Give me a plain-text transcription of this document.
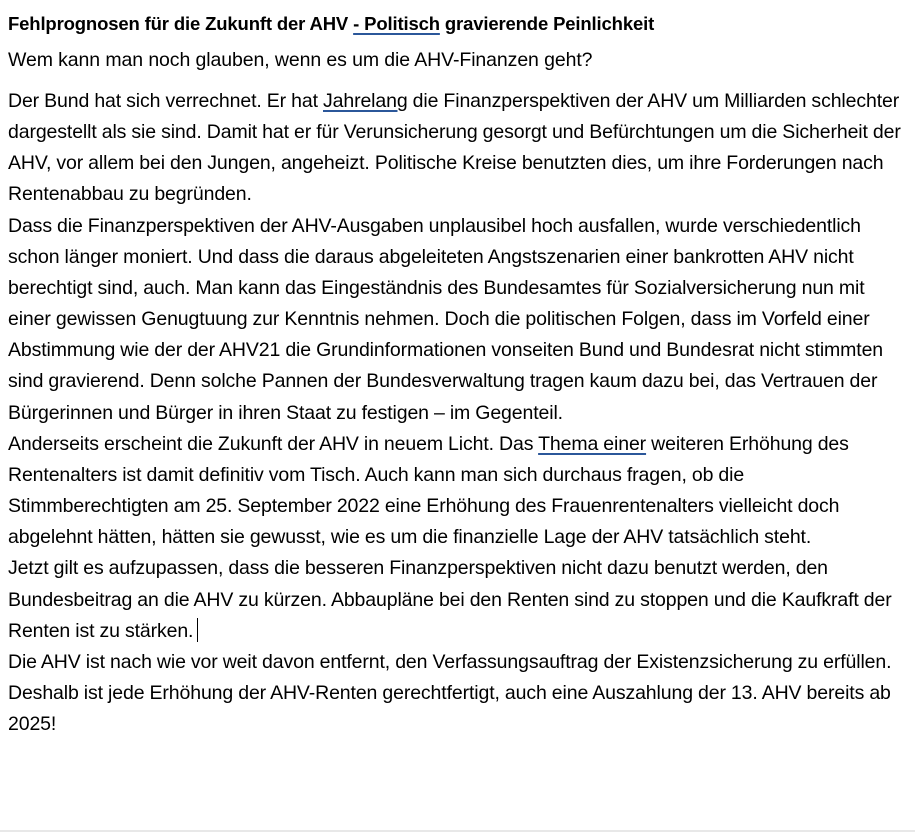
Fehlprognosen für die Zukunft der AHV - Politisch gravierende Peinlichkeit
Wem kann man noch glauben, wenn es um die AHV-Finanzen geht?

Der Bund hat sich verrechnet. Er hat Jahrelang die Finanzperspektiven der AHV um Milliarden schlechter dargestellt als sie sind. Damit hat er für Verunsicherung gesorgt und Befürchtungen um die Sicherheit der AHV, vor allem bei den Jungen, angeheizt. Politische Kreise benutzten dies, um ihre Forderungen nach Rentenabbau zu begründen.

Dass die Finanzperspektiven der AHV-Ausgaben unplausibel hoch ausfallen, wurde verschiedentlich schon länger moniert. Und dass die daraus abgeleiteten Angstszenarien einer bankrotten AHV nicht berechtigt sind, auch. Man kann das Eingeständnis des Bundesamtes für Sozialversicherung nun mit einer gewissen Genugtuung zur Kenntnis nehmen. Doch die politischen Folgen, dass im Vorfeld einer Abstimmung wie der der AHV21 die Grundinformationen vonseiten Bund und Bundesrat nicht stimmten sind gravierend. Denn solche Pannen der Bundesverwaltung tragen kaum dazu bei, das Vertrauen der Bürgerinnen und Bürger in ihren Staat zu festigen – im Gegenteil.

Anderseits erscheint die Zukunft der AHV in neuem Licht. Das Thema einer weiteren Erhöhung des Rentenalters ist damit definitiv vom Tisch. Auch kann man sich durchaus fragen, ob die Stimmberechtigten am 25. September 2022 eine Erhöhung des Frauenrentenalters vielleicht doch abgelehnt hätten, hätten sie gewusst, wie es um die finanzielle Lage der AHV tatsächlich steht.

Jetzt gilt es aufzupassen, dass die besseren Finanzperspektiven nicht dazu benutzt werden, den Bundesbeitrag an die AHV zu kürzen. Abbaupläne bei den Renten sind zu stoppen und die Kaufkraft der Renten ist zu stärken.

Die AHV ist nach wie vor weit davon entfernt, den Verfassungsauftrag der Existenzsicherung zu erfüllen. Deshalb ist jede Erhöhung der AHV-Renten gerechtfertigt, auch eine Auszahlung der 13. AHV bereits ab 2025!
